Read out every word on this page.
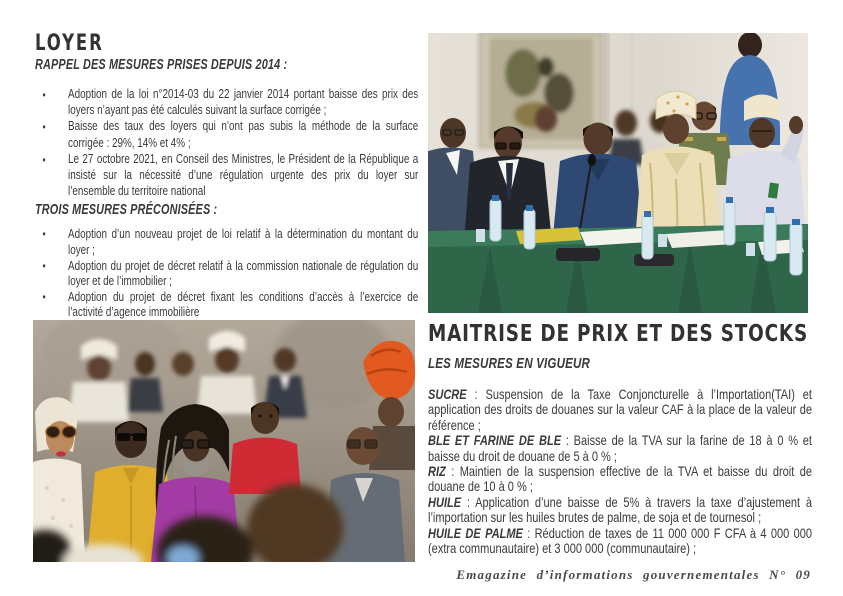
LOYER
RAPPEL DES MESURES PRISES DEPUIS 2014 :
• Adoption de la loi n°2014-03 du 22 janvier 2014 portant baisse des prix des loyers n’ayant pas été calculés suivant la surface corrigée ;
• Baisse des taux des loyers qui n’ont pas subis la méthode de la surface corrigée : 29%, 14% et 4% ;
• Le 27 octobre 2021, en Conseil des Ministres, le Président de la République a insisté sur la nécessité d’une régulation urgente des prix du loyer sur l’ensemble du territoire national
TROIS MESURES PRÉCONISÉES :
• Adoption d’un nouveau projet de loi relatif à la détermination du montant du loyer ;
• Adoption du projet de décret relatif à la commission nationale de régulation du loyer et de l’immobilier ;
• Adoption du projet de décret fixant les conditions d’accès à l’exercice de l’activité d’agence immobilière
MAITRISE DE PRIX ET DES STOCKS
LES MESURES EN VIGUEUR

SUCRE : Suspension de la Taxe Conjoncturelle à l’Importation(TAI) et application des droits de douanes sur la valeur CAF à la place de la valeur de référence ;

BLE ET FARINE DE BLE : Baisse de la TVA sur la farine de 18 à 0 % et baisse du droit de douane de 5 à 0 % ;

RIZ : Maintien de la suspension effective de la TVA et baisse du droit de douane de 10 à 0 % ;

HUILE : Application d’une baisse de 5% à travers la taxe d’ajustement à l’importation sur les huiles brutes de palme, de soja et de tournesol ;

HUILE DE PALME : Réduction de taxes de 11 000 000 F CFA à 4 000 000 (extra communautaire) et 3 000 000 (communautaire) ;

Emagazine d’informations gouvernementales N° 09
